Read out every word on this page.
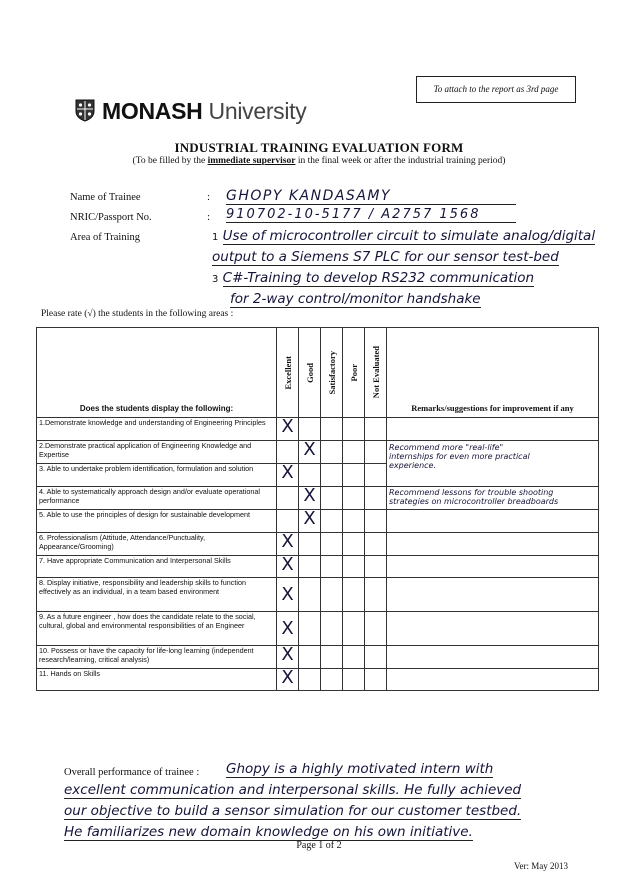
To attach to the report as 3rd page
MONASH University
INDUSTRIAL TRAINING EVALUATION FORM
(To be filled by the immediate supervisor in the final week or after the industrial training period)
Name of Trainee	: GHOPY KANDASAMY
NRIC/Passport No.	: 910702-10-5177 / A2757 1568
Area of Training	1 Use of microcontroller circuit to simulate analog/digital
output to a Siemens S7 PLC for our sensor test-bed
3 C#-Training to develop RS232 communication
for 2-way control/monitor handshake
Please rate (√) the students in the following areas :
Does the students display the following:	Excellent	Good	Satisfactory	Poor	Not Evaluated	Remarks/suggestions for improvement if any
1.Demonstrate knowledge and understanding of Engineering Principles	X					
2.Demonstrate practical application of Engineering Knowledge and Expertise		X				Recommend more "real-life"
internships for even more practical
experience.

3. Able to undertake problem identification, formulation and solution	X					
4. Able to systematically approach design and/or evaluate operational performance		X				Recommend lessons for trouble shooting
strategies on microcontroller breadboards

5. Able to use the principles of design for sustainable development		X				
6. Professionalism (Attitude, Attendance/Punctuality, Appearance/Grooming)	X					
7. Have appropriate Communication and Interpersonal Skills	X					
8. Display initiative, responsibility and leadership skills to function effectively as an individual, in a team based environment	X					
9. As a future engineer , how does the candidate relate to the social, cultural, global and environmental responsibilities of an Engineer	X					
10. Possess or have the capacity for life-long learning (independent research/learning, critical analysis)	X					
11. Hands on Skills	X					
Overall performance of trainee : Ghopy is a highly motivated intern with
excellent communication and interpersonal skills. He fully achieved
our objective to build a sensor simulation for our customer testbed.
He familiarizes new domain knowledge on his own initiative.
Page 1 of 2
Ver: May 2013
